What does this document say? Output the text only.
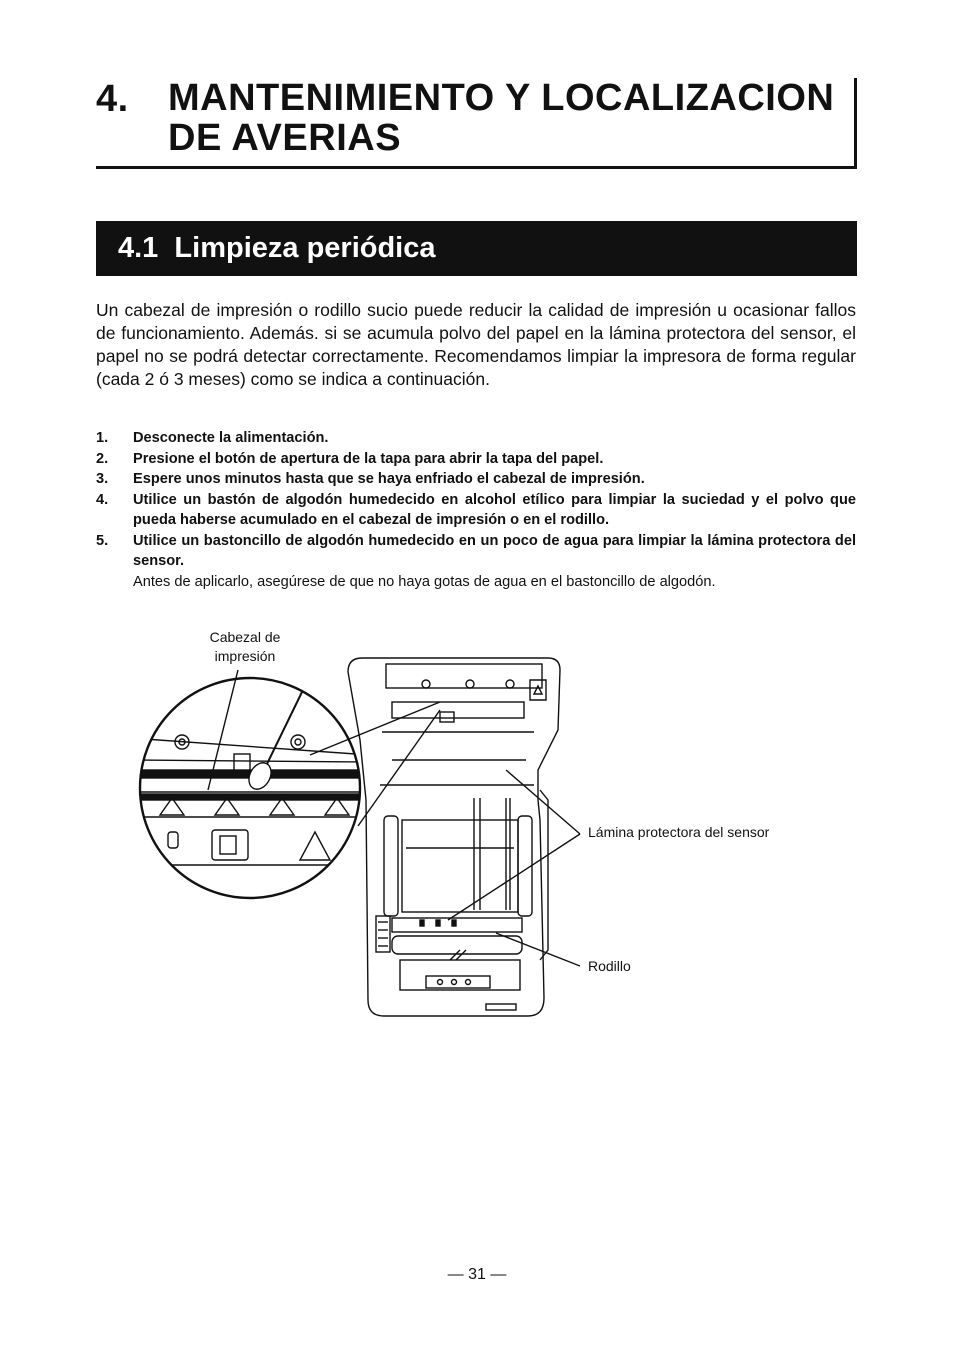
4. MANTENIMIENTO Y LOCALIZACION DE AVERIAS
4.1  Limpieza periódica

Un cabezal de impresión o rodillo sucio puede reducir la calidad de impresión u ocasionar fallos de funcionamiento. Además. si se acumula polvo del papel en la lámina protectora del sensor, el papel no se podrá detectar correctamente. Recomendamos limpiar la impresora de forma regular (cada 2 ó 3 meses) como se indica a continuación.

1. Desconecte la alimentación.
2. Presione el botón de apertura de la tapa para abrir la tapa del papel.
3. Espere unos minutos hasta que se haya enfriado el cabezal de impresión.
4. Utilice un bastón de algodón humedecido en alcohol etílico para limpiar la suciedad y el polvo que pueda haberse acumulado en el cabezal de impresión o en el rodillo.
5. Utilice un bastoncillo de algodón humedecido en un poco de agua para limpiar la lámina protectora del sensor.
Antes de aplicarlo, asegúrese de que no haya gotas de agua en el bastoncillo de algodón.
Cabezal de impresión
Lámina protectora del sensor
Rodillo
— 31 —
